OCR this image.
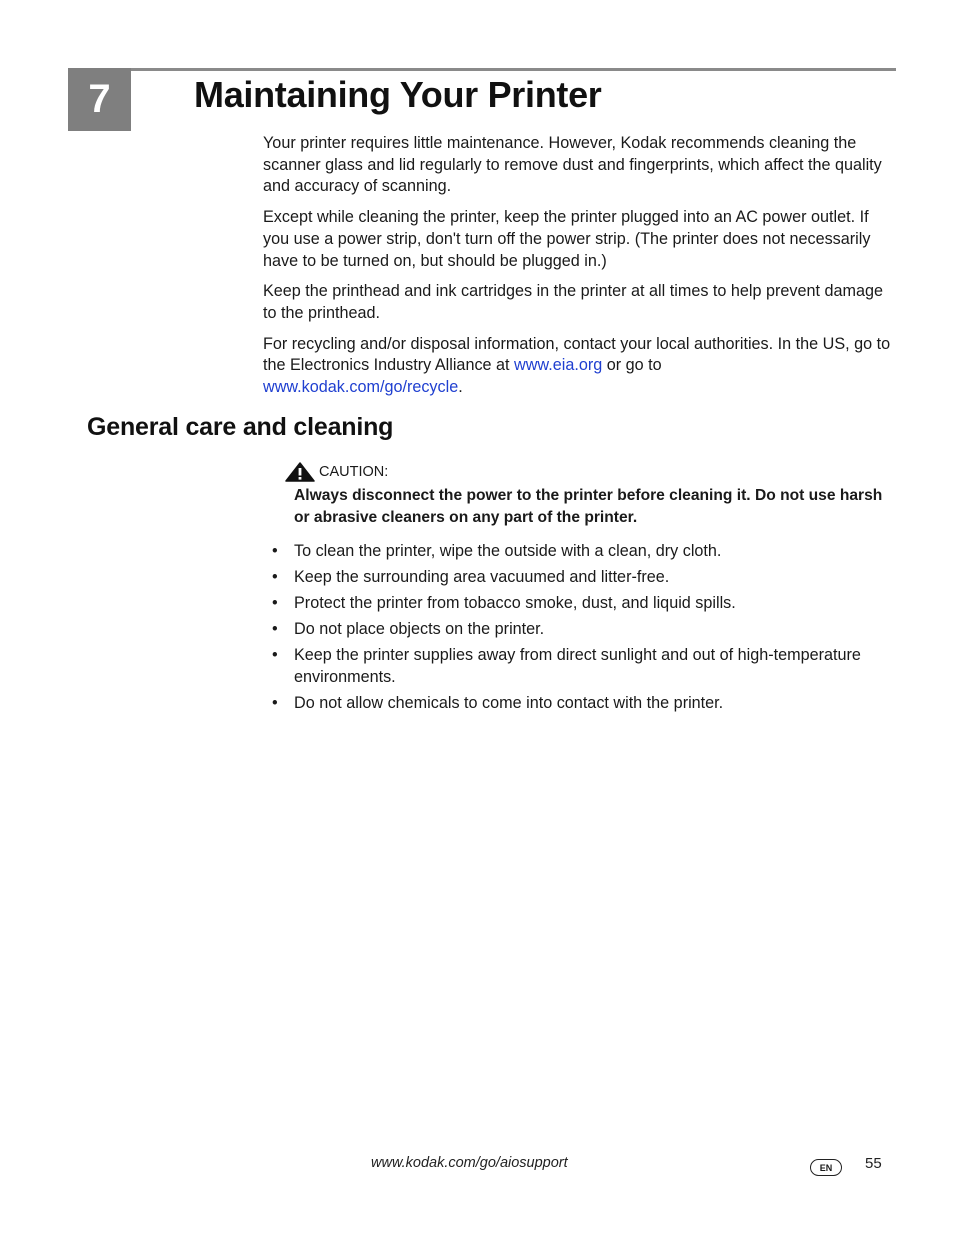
7 Maintaining Your Printer

Your printer requires little maintenance. However, Kodak recommends cleaning the scanner glass and lid regularly to remove dust and fingerprints, which affect the quality and accuracy of scanning.

Except while cleaning the printer, keep the printer plugged into an AC power outlet. If you use a power strip, don't turn off the power strip. (The printer does not necessarily have to be turned on, but should be plugged in.)

Keep the printhead and ink cartridges in the printer at all times to help prevent damage to the printhead.

For recycling and/or disposal information, contact your local authorities. In the US, go to the Electronics Industry Alliance at www.eia.org or go to
www.kodak.com/go/recycle.

General care and cleaning
CAUTION:
Always disconnect the power to the printer before cleaning it. Do not use harsh or abrasive cleaners on any part of the printer.
• To clean the printer, wipe the outside with a clean, dry cloth.
• Keep the surrounding area vacuumed and litter-free.
• Protect the printer from tobacco smoke, dust, and liquid spills.
• Do not place objects on the printer.
• Keep the printer supplies away from direct sunlight and out of high-temperature environments.
• Do not allow chemicals to come into contact with the printer.
www.kodak.com/go/aiosupport	EN	55
